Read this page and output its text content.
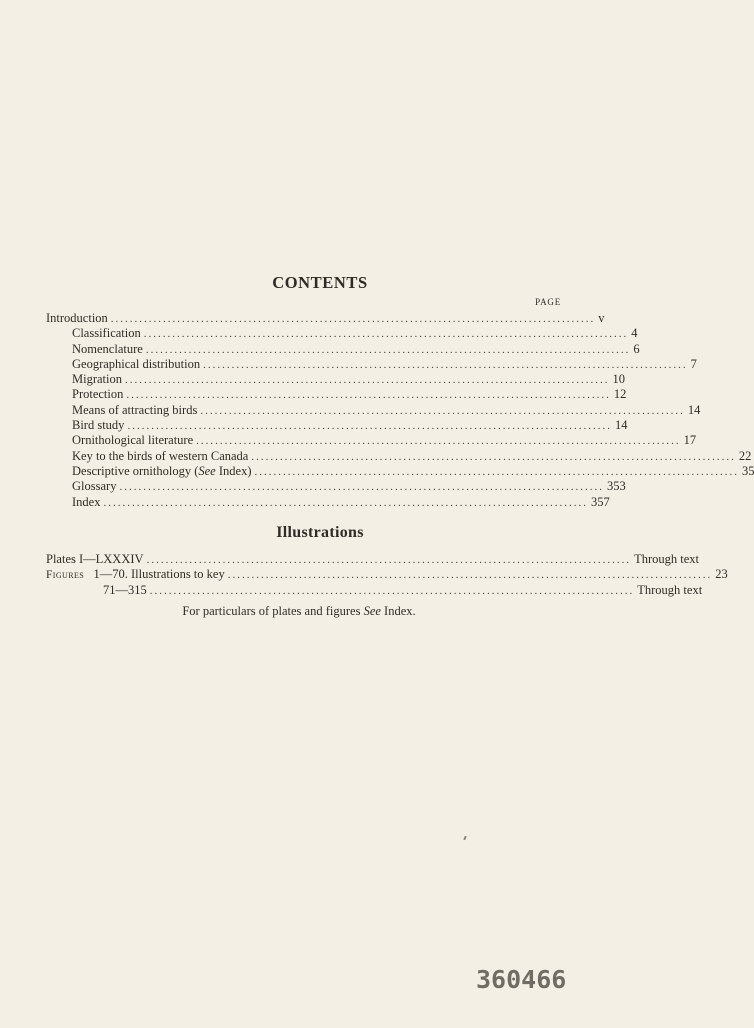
CONTENTS
PAGE
Introduction ...................................................................................................... v
Classification ...................................................................................................... 4
Nomenclature ...................................................................................................... 6
Geographical distribution ...................................................................................................... 7
Migration ...................................................................................................... 10
Protection ...................................................................................................... 12
Means of attracting birds ...................................................................................................... 14
Bird study ...................................................................................................... 14
Ornithological literature ...................................................................................................... 17
Key to the birds of western Canada ...................................................................................................... 22
Descriptive ornithology (See Index) ...................................................................................................... 35
Glossary ...................................................................................................... 353
Index ...................................................................................................... 357
Illustrations
Plates I—LXXXIV ...................................................................................................... Through text
Figures 1—70. Illustrations to key ...................................................................................................... 23
71—315 ...................................................................................................... Through text
For particulars of plates and figures See Index.
360466
